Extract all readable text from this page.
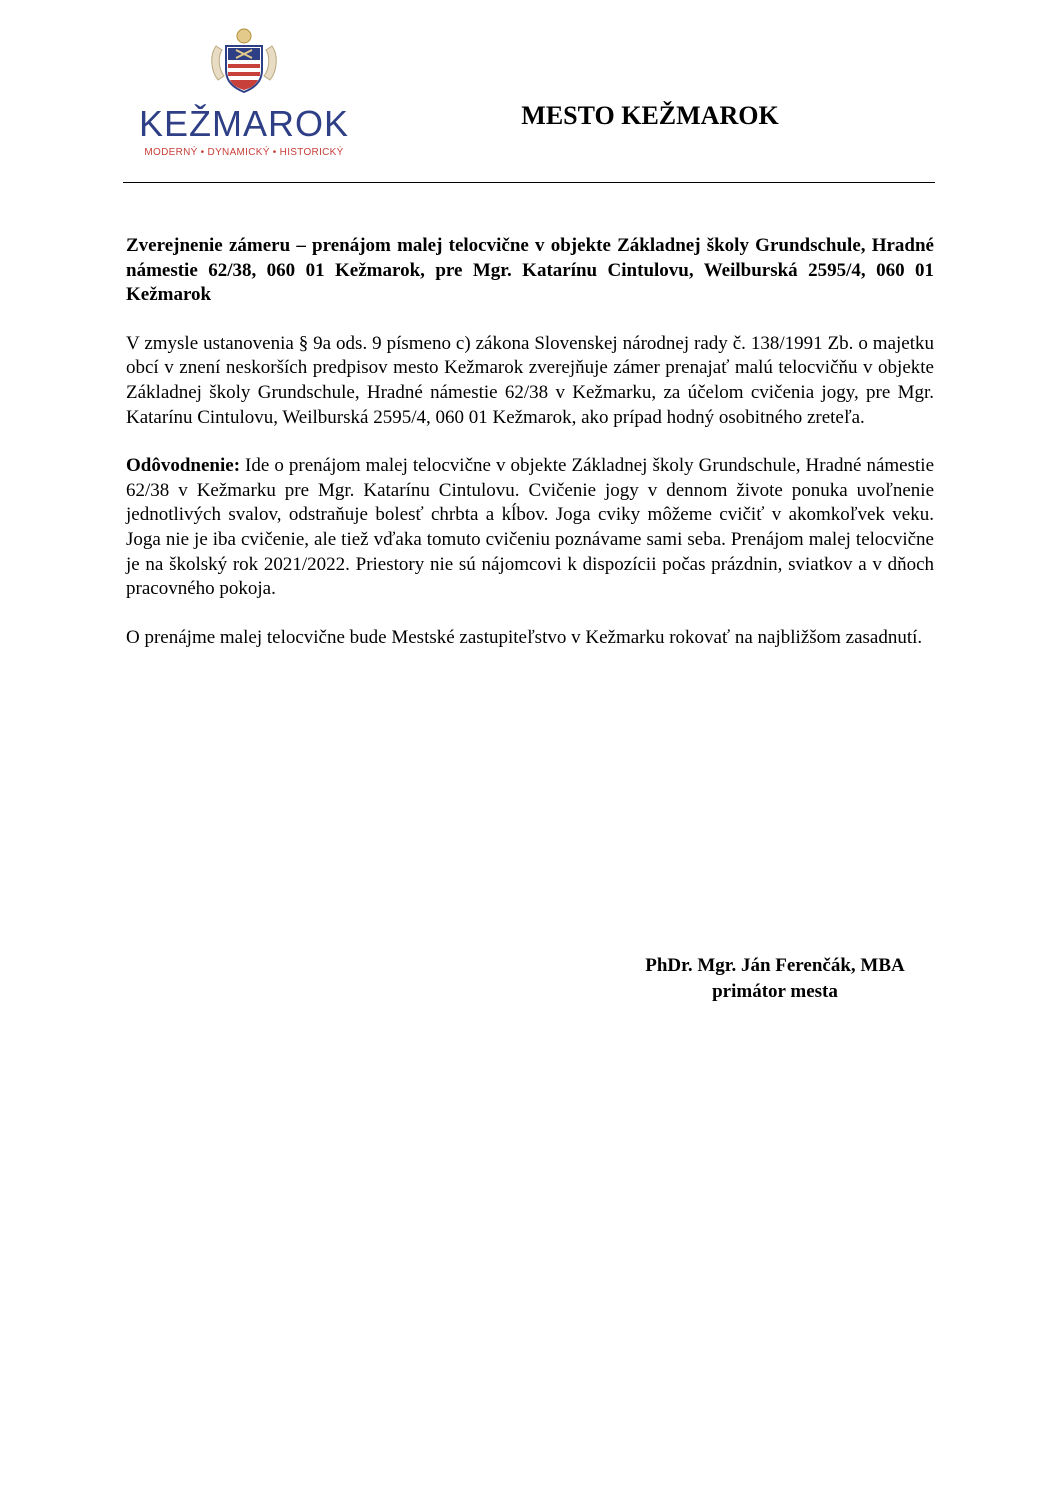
KEŽMAROK
MODERNÝ • DYNAMICKÝ • HISTORICKÝ
MESTO KEŽMAROK

Zverejnenie zámeru – prenájom malej telocvične v objekte Základnej školy Grundschule, Hradné námestie 62/38, 060 01 Kežmarok, pre Mgr. Katarínu Cintulovu, Weilburská 2595/4, 060 01 Kežmarok

V zmysle ustanovenia § 9a ods. 9 písmeno c) zákona Slovenskej národnej rady č. 138/1991 Zb. o majetku obcí v znení neskorších predpisov mesto Kežmarok zverejňuje zámer prenajať malú telocvičňu v objekte Základnej školy Grundschule, Hradné námestie 62/38 v Kežmarku, za účelom cvičenia jogy, pre Mgr. Katarínu Cintulovu, Weilburská 2595/4, 060 01 Kežmarok, ako prípad hodný osobitného zreteľa.

Odôvodnenie: Ide o prenájom malej telocvične v objekte Základnej školy Grundschule, Hradné námestie 62/38 v Kežmarku pre Mgr. Katarínu Cintulovu. Cvičenie jogy v dennom živote ponuka uvoľnenie jednotlivých svalov, odstraňuje bolesť chrbta a kĺbov. Joga cviky môžeme cvičiť v akomkoľvek veku. Joga nie je iba cvičenie, ale tiež vďaka tomuto cvičeniu poznávame sami seba. Prenájom malej telocvične je na školský rok 2021/2022. Priestory nie sú nájomcovi k dispozícii počas prázdnin, sviatkov a v dňoch pracovného pokoja.

O prenájme malej telocvične bude Mestské zastupiteľstvo v Kežmarku rokovať na najbližšom zasadnutí.

PhDr. Mgr. Ján Ferenčák, MBA
primátor mesta
